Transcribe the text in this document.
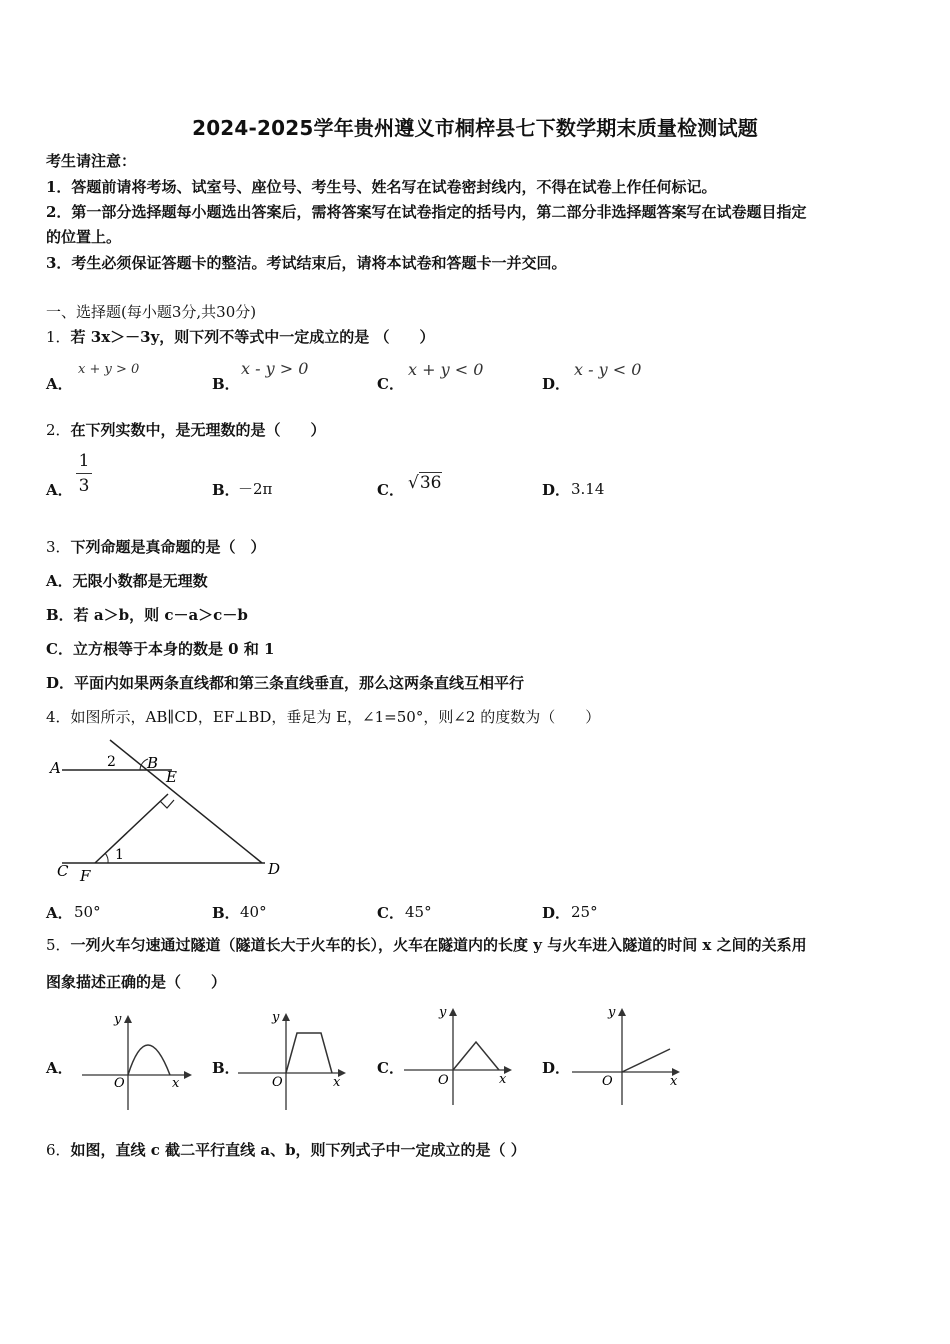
2024-2025学年贵州遵义市桐梓县七下数学期末质量检测试题
考生请注意：
1．答题前请将考场、试室号、座位号、考生号、姓名写在试卷密封线内，不得在试卷上作任何标记。
2．第一部分选择题每小题选出答案后，需将答案写在试卷指定的括号内，第二部分非选择题答案写在试卷题目指定
的位置上。
3．考生必须保证答题卡的整洁。考试结束后，请将本试卷和答题卡一并交回。
一、选择题(每小题3分,共30分)
1．若 3x＞－3y，则下列不等式中一定成立的是 （　　）
A．
x + y > 0
B．
x - y > 0
C．
x + y < 0
D．
x - y < 0
2．在下列实数中，是无理数的是（　　）
A．
1
3	B．
－2π	C． √36	D． 3.14
3．下列命题是真命题的是（　）
A．无限小数都是无理数
B．若 a＞b，则 c－a＞c－b
C．立方根等于本身的数是 0 和 1
D．平面内如果两条直线都和第三条直线垂直，那么这两条直线互相平行
4．如图所示，AB∥CD，EF⊥BD，垂足为 E，∠1=50°，则∠2 的度数为（　　）
A	B
E
C F	D
1
2
A． 50°	B． 40°	C． 45°	D． 25°
5．一列火车匀速通过隧道（隧道长大于火车的长），火车在隧道内的长度 y 与火车进入隧道的时间 x 之间的关系用
图象描述正确的是（　　）
A．
y
x
O
B．
y
x
O
C．
y
x
O
D．
y
x
O
6．如图，直线 c 截二平行直线 a、b，则下列式子中一定成立的是（ ）
